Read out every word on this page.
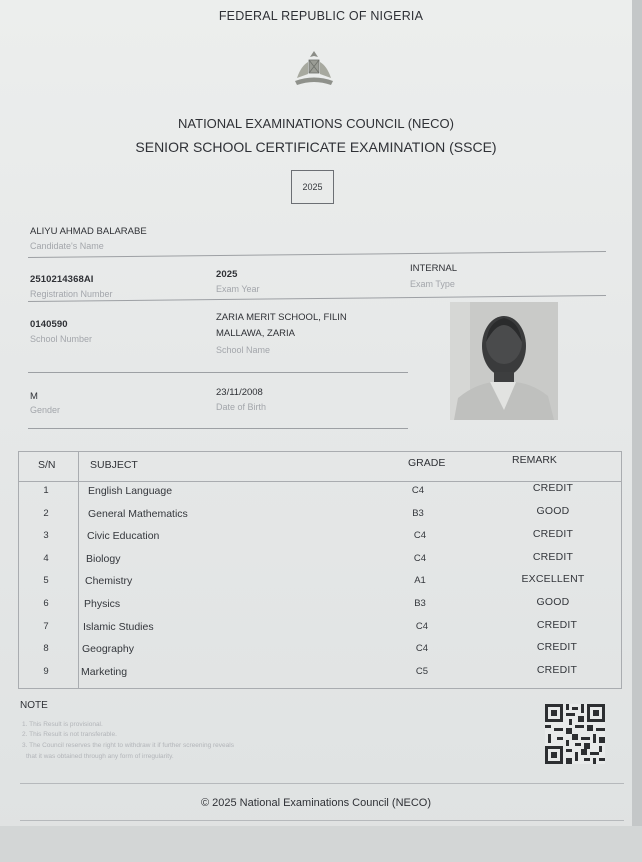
FEDERAL REPUBLIC OF NIGERIA
NATIONAL EXAMINATIONS COUNCIL (NECO)
SENIOR SCHOOL CERTIFICATE EXAMINATION (SSCE)
2025
ALIYU AHMAD BALARABE
Candidate's Name
2510214368AI
Registration Number
2025
Exam Year
INTERNAL
Exam Type
0140590
School Number
ZARIA MERIT SCHOOL, FILIN
MALLAWA, ZARIA
School Name
M
Gender
23/11/2008
Date of Birth
S/N	SUBJECT	GRADE	REMARK
1	English Language	C4	CREDIT
2	General Mathematics	B3	GOOD
3	Civic Education	C4	CREDIT
4	Biology	C4	CREDIT
5	Chemistry	A1	EXCELLENT
6	Physics	B3	GOOD
7	Islamic Studies	C4	CREDIT
8	Geography	C4	CREDIT
9	Marketing	C5	CREDIT
NOTE
1. This Result is provisional.
2. This Result is not transferable.
3. The Council reserves the right to withdraw it if further screening reveals
that it was obtained through any form of irregularity.
© 2025 National Examinations Council (NECO)
